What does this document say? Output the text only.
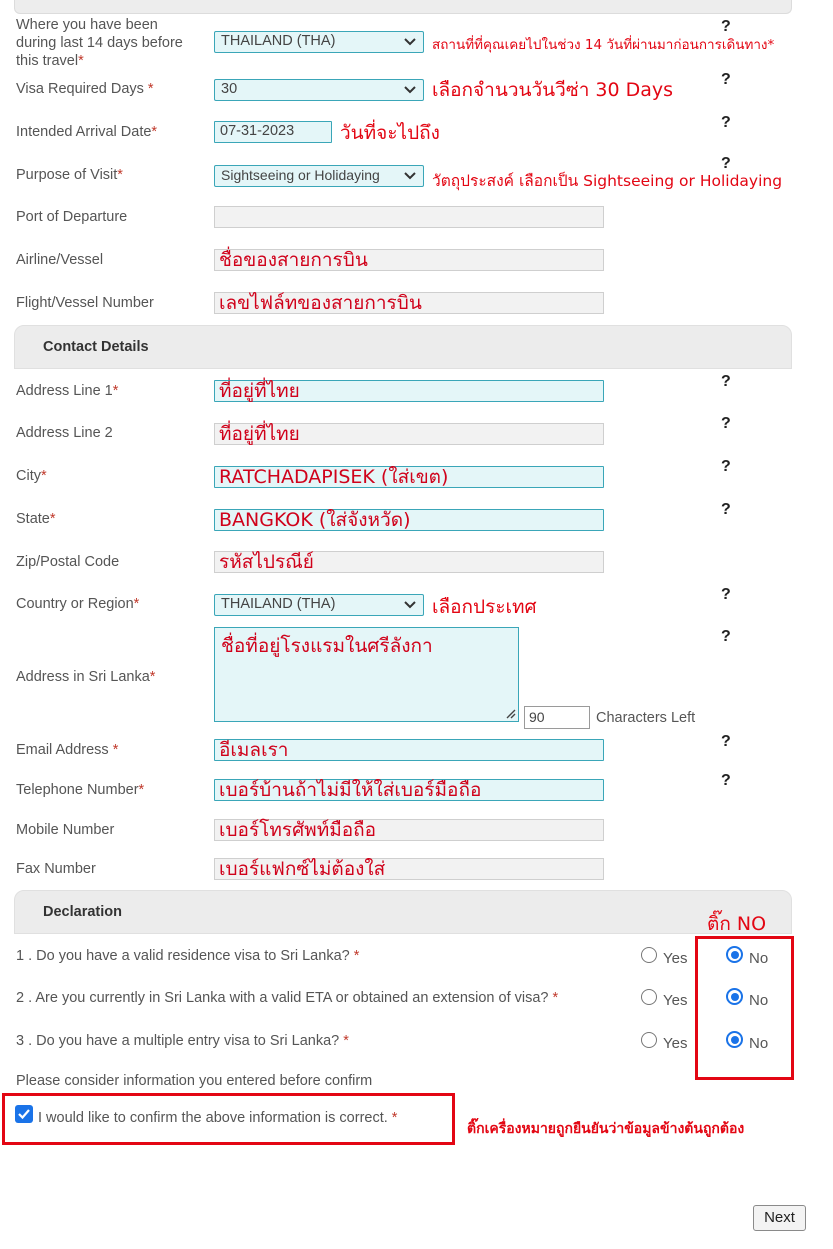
Where you have been
during last 14 days before
this travel*
THAILAND (THA)	สถานที่ที่คุณเคยไปในช่วง 14 วันที่ผ่านมาก่อนการเดินทาง*
?
Visa Required Days *	30	เลือกจำนวนวันวีซ่า 30 Days	?
Intended Arrival Date*	07-31-2023	วันที่จะไปถึง	?
Purpose of Visit*	Sightseeing or Holidaying	วัตถุประสงค์ เลือกเป็น Sightseeing or Holidaying
?
Port of Departure
Airline/Vessel	ชื่อของสายการบิน
Flight/Vessel Number	เลขไฟล์ทของสายการบิน
Contact Details
Address Line 1*	ที่อยู่ที่ไทย	?
Address Line 2	ที่อยู่ที่ไทย	?
City*	RATCHADAPISEK (ใส่เขต)	?
State*	BANGKOK (ใส่จังหวัด)	?
Zip/Postal Code	รหัสไปรณีย์
Country or Region*	THAILAND (THA)	เลือกประเทศ
?
Address in Sri Lanka*
ชื่อที่อยู่โรงแรมในศรีลังกา
90	Characters Left
?
Email Address *	อีเมลเรา	?
Telephone Number*	เบอร์บ้านถ้าไม่มีให้ใส่เบอร์มือถือ	?
Mobile Number	เบอร์โทรศัพท์มือถือ
Fax Number	เบอร์แฟกซ์ไม่ต้องใส่
Declaration
ติ๊ก NO
1 . Do you have a valid residence visa to Sri Lanka? *	Yes	No
2 . Are you currently in Sri Lanka with a valid ETA or obtained an extension of visa? *	Yes	No
3 . Do you have a multiple entry visa to Sri Lanka? *	Yes	No
Please consider information you entered before confirm
I would like to confirm the above information is correct. *
ติ๊กเครื่องหมายถูกยืนยันว่าข้อมูลข้างต้นถูกต้อง
Next
